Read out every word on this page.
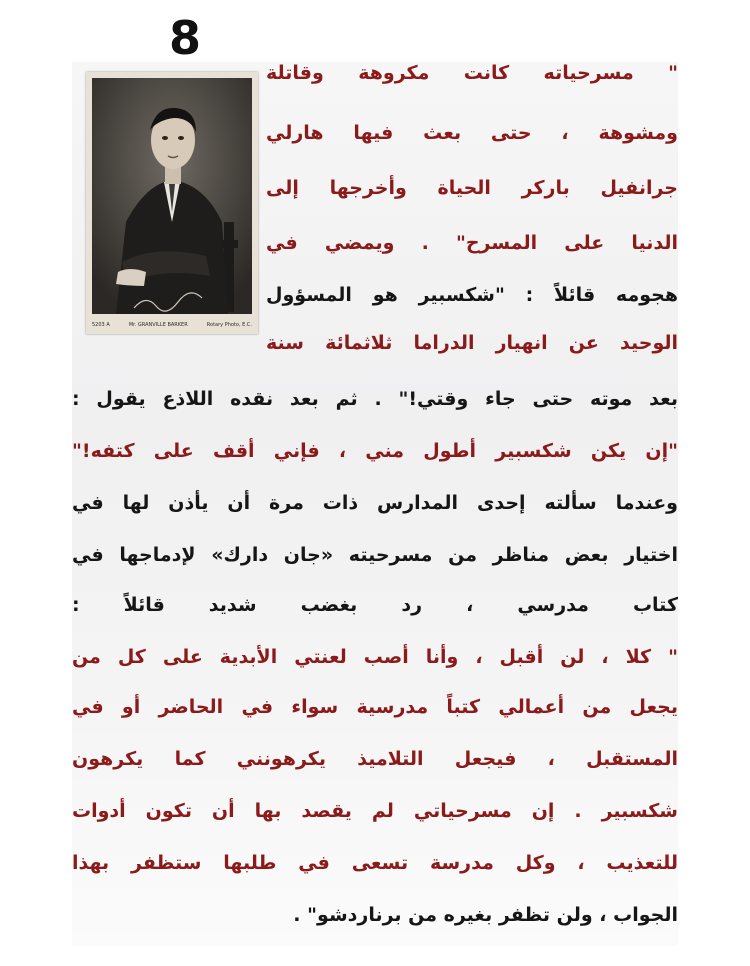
8
5203 A	Mr. GRANVILLE BARKER	Rotary Photo, E.C.
" مسرحياته كانت مكروهة وقاتلة
ومشوهة ، حتى بعث فيها هارلي
جرانفيل باركر الحياة وأخرجها إلى
الدنيا على المسرح" . ويمضي في
هجومه قائلاً : "شكسبير هو المسؤول
الوحيد عن انهيار الدراما ثلاثمائة سنة
بعد موته حتى جاء وقتي!" . ثم بعد نقده اللاذع يقول :
"إن يكن شكسبير أطول مني ، فإني أقف على كتفه!"
وعندما سألته إحدى المدارس ذات مرة أن يأذن لها في
اختيار بعض مناظر من مسرحيته «جان دارك» لإدماجها في
كتاب مدرسي ، رد بغضب شديد قائلاً :
" كلا ، لن أقبل ، وأنا أصب لعنتي الأبدية على كل من
يجعل من أعمالي كتباً مدرسية سواء في الحاضر أو في
المستقبل ، فيجعل التلاميذ يكرهونني كما يكرهون
شكسبير . إن مسرحياتي لم يقصد بها أن تكون أدوات
للتعذيب ، وكل مدرسة تسعى في طلبها ستظفر بهذا
الجواب ، ولن تظفر بغيره من برناردشو" .
